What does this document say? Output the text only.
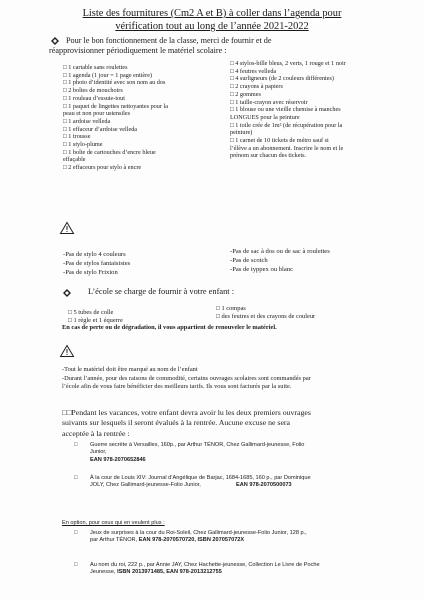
Liste des fournitures (Cm2 A et B) à coller dans l’agenda pour
vérification tout au long de l’année 2021-2022
Pour le bon fonctionnement de la classe, merci de fournir et de
réapprovisionner périodiquement le matériel scolaire :
□ 1 cartable sans roulettes
□ 1 agenda (1 jour = 1 page entière)
□ 1 photo d’identité avec son nom au dos
□ 2 boîtes de mouchoirs
□ 1 rouleau d’essuie-tout
□ 1 paquet de lingettes nettoyantes pour la
peau et non pour ustensiles
□ 1 ardoise velleda
□ 1 effaceur d’ardoise velleda
□ 1 trousse
□ 1 stylo-plume
□ 1 boîte de cartouches d’encre bleue
effaçable
□ 2 effaceurs pour stylo à encre
□ 4 stylos-bille bleus, 2 verts, 1 rouge et 1 noir
□ 4 feutres velleda
□ 4 surligneurs (de 2 couleurs différentes)
□ 2 crayons à papiers
□ 2 gommes
□ 1 taille-crayon avec réservoir
□ 1 blouse ou une vieille chemise à manches
LONGUES pour la peinture
□ 1 toile crée de 1m² (de récupération pour la
peinture)
□ 1 carnet de 10 tickets de métro sauf si
l’élève a un abonnement. Inscrire le nom et le
prénom sur chacun des tickets.
-Pas de stylo 4 couleurs
-Pas de stylos fantaisistes
-Pas de stylo Frixion
-Pas de sac à dos ou de sac à roulettes
-Pas de scotch
-Pas de typpex ou blanc
L’école se charge de fournir à votre enfant :
□ 5 tubes de colle
□ 1 règle et 1 équerre
□ 1 compas
□ des feutres et des crayons de couleur
En cas de perte ou de dégradation, il vous appartient de renouveler le matériel.
-Tout le matériel doit être marqué au nom de l’enfant
-Durant l’année, pour des raisons de commodité, certains ouvrages scolaires sont commandés par
l’école afin de vous faire bénéficier des meilleurs tarifs. Ils vous sont facturés par la suite.
□□Pendant les vacances, votre enfant devra avoir lu les deux premiers ouvrages
suivants sur lesquels il seront évalués à la rentrée. Aucune excuse ne sera
acceptée à la rentrée :
□ Guerre secrète à Versailles, 160p., par Arthur TÉNOR, Chez Gallimard-jeunesse, Folio
Junior,
EAN 978-2070652846
□ À la cour de Louis XIV: Journal d’Angélique de Barjac, 1684-1685, 160 p., par Dominique
JOLY, Chez Gallimard-jeunesse-Folio Junior,	EAN 978-2070500073
En option, pour ceux qui en veulent plus :
□ Jeux de surprises à la cour du Roi-Soleil, Chez Gallimard-jeunesse-Folio Junior, 128 p.,
par Arthur TÉNOR, EAN 978-2070570720, ISBN 207057072X
□ Au nom du roi, 222 p., par Annie JAY, Chez Hachette-jeunesse, Collection Le Livre de Poche
Jeunesse, ISBN 2013971485, EAN 978-2013212755
